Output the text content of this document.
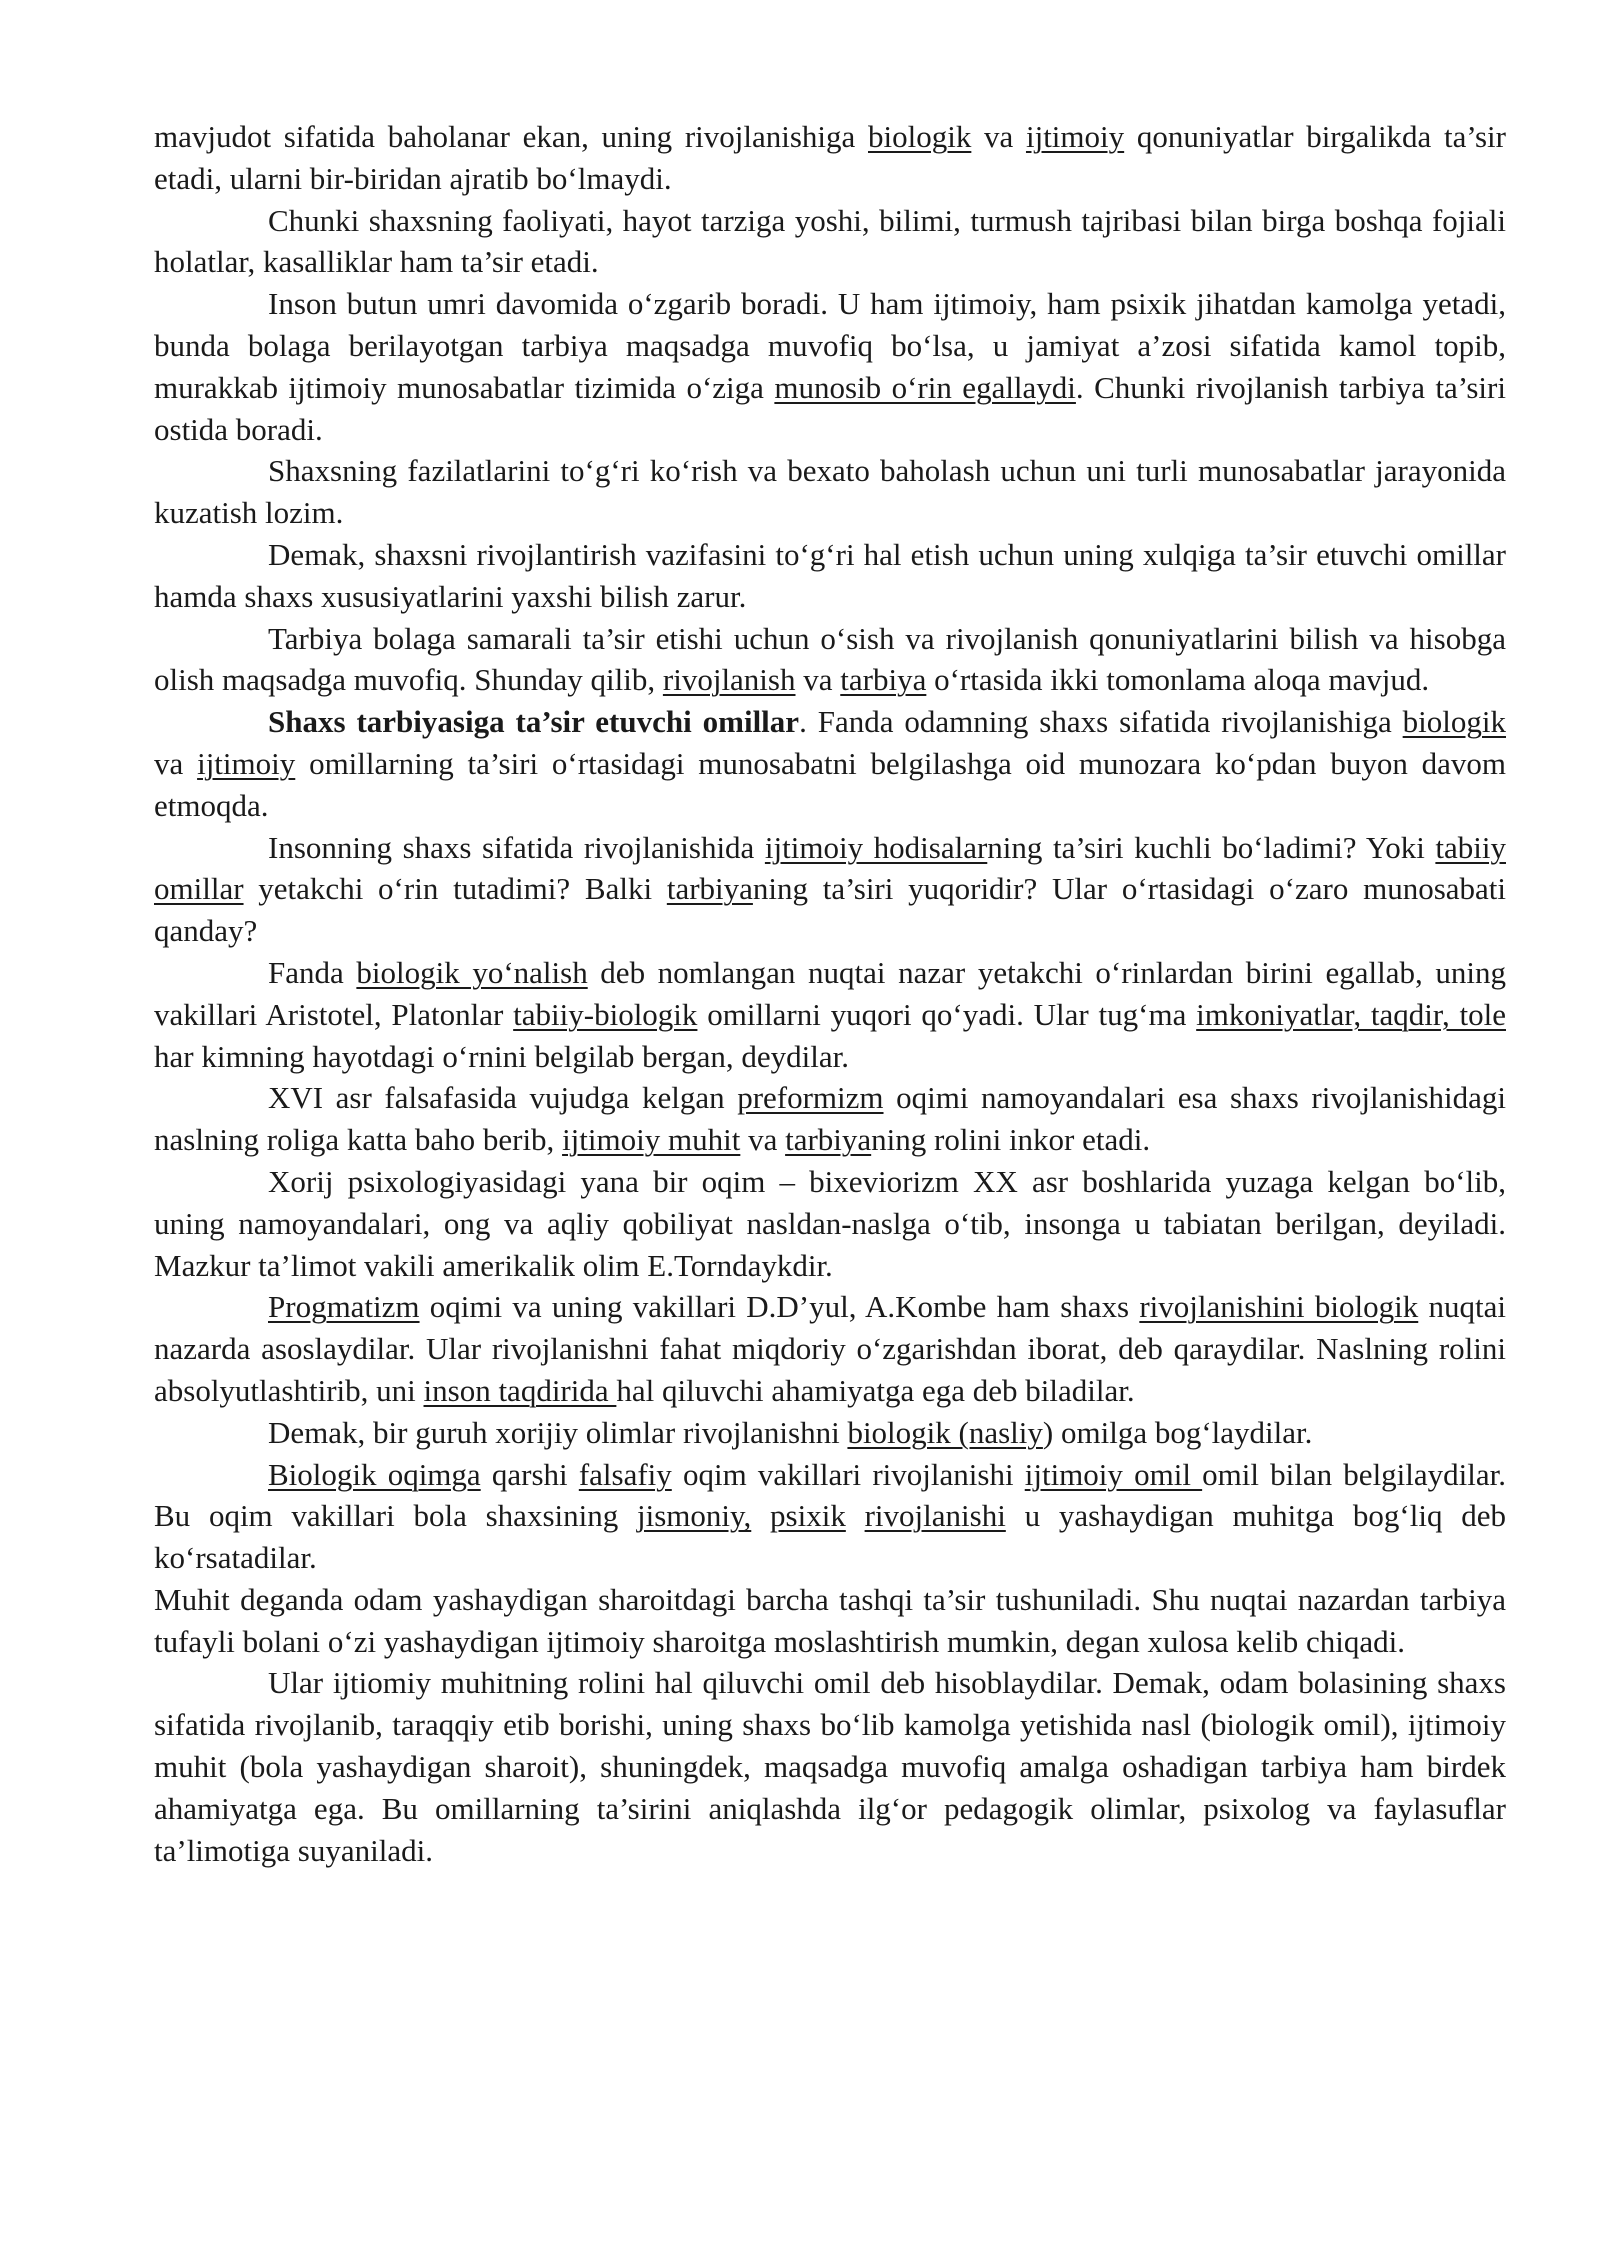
mavjudot sifatida baholanar ekan, uning rivojlanishiga biologik va ijtimoiy qonuniyatlar birgalikda ta’sir etadi, ularni bir-biridan ajratib bo‘lmaydi.

Chunki shaxsning faoliyati, hayot tarziga yoshi, bilimi, turmush tajribasi bilan birga boshqa fojiali holatlar, kasalliklar ham ta’sir etadi.

Inson butun umri davomida o‘zgarib boradi. U ham ijtimoiy, ham psixik jihatdan kamolga yetadi, bunda bolaga berilayotgan tarbiya maqsadga muvofiq bo‘lsa, u jamiyat a’zosi sifatida kamol topib, murakkab ijtimoiy munosabatlar tizimida o‘ziga munosib o‘rin egallaydi. Chunki rivojlanish tarbiya ta’siri ostida boradi.

Shaxsning fazilatlarini to‘g‘ri ko‘rish va bexato baholash uchun uni turli munosabatlar jarayonida kuzatish lozim.

Demak, shaxsni rivojlantirish vazifasini to‘g‘ri hal etish uchun uning xulqiga ta’sir etuvchi omillar hamda shaxs xususiyatlarini yaxshi bilish zarur.

Tarbiya bolaga samarali ta’sir etishi uchun o‘sish va rivojlanish qonuniyatlarini bilish va hisobga olish maqsadga muvofiq. Shunday qilib, rivojlanish va tarbiya o‘rtasida ikki tomonlama aloqa mavjud.

Shaxs tarbiyasiga ta’sir etuvchi omillar. Fanda odamning shaxs sifatida rivojlanishiga biologik va ijtimoiy omillarning ta’siri o‘rtasidagi munosabatni belgilashga oid munozara ko‘pdan buyon davom etmoqda.

Insonning shaxs sifatida rivojlanishida ijtimoiy hodisalarning ta’siri kuchli bo‘ladimi? Yoki tabiiy omillar yetakchi o‘rin tutadimi? Balki tarbiyaning ta’siri yuqoridir? Ular o‘rtasidagi o‘zaro munosabati qanday?

Fanda biologik yo‘nalish deb nomlangan nuqtai nazar yetakchi o‘rinlardan birini egallab, uning vakillari Aristotel, Platonlar tabiiy-biologik omillarni yuqori qo‘yadi. Ular tug‘ma imkoniyatlar, taqdir, tole har kimning hayotdagi o‘rnini belgilab bergan, deydilar.

XVI asr falsafasida vujudga kelgan preformizm oqimi namoyandalari esa shaxs rivojlanishidagi naslning roliga katta baho berib, ijtimoiy muhit va tarbiyaning rolini inkor etadi.

Xorij psixologiyasidagi yana bir oqim – bixeviorizm XX asr boshlarida yuzaga kelgan bo‘lib, uning namoyandalari, ong va aqliy qobiliyat nasldan-naslga o‘tib, insonga u tabiatan berilgan, deyiladi. Mazkur ta’limot vakili amerikalik olim E.Torndaykdir.

Progmatizm oqimi va uning vakillari D.D’yul, A.Kombe ham shaxs rivojlanishini biologik nuqtai nazarda asoslaydilar. Ular rivojlanishni fahat miqdoriy o‘zgarishdan iborat, deb qaraydilar. Naslning rolini absolyutlashtirib, uni inson taqdirida hal qiluvchi ahamiyatga ega deb biladilar.

Demak, bir guruh xorijiy olimlar rivojlanishni biologik (nasliy) omilga bog‘laydilar.

Biologik oqimga qarshi falsafiy oqim vakillari rivojlanishi ijtimoiy omil omil bilan belgilaydilar. Bu oqim vakillari bola shaxsining jismoniy, psixik rivojlanishi u yashaydigan muhitga bog‘liq deb ko‘rsatadilar.

Muhit deganda odam yashaydigan sharoitdagi barcha tashqi ta’sir tushuniladi. Shu nuqtai nazardan tarbiya tufayli bolani o‘zi yashaydigan ijtimoiy sharoitga moslashtirish mumkin, degan xulosa kelib chiqadi.

Ular ijtiomiy muhitning rolini hal qiluvchi omil deb hisoblaydilar. Demak, odam bolasining shaxs sifatida rivojlanib, taraqqiy etib borishi, uning shaxs bo‘lib kamolga yetishida nasl (biologik omil), ijtimoiy muhit (bola yashaydigan sharoit), shuningdek, maqsadga muvofiq amalga oshadigan tarbiya ham birdek ahamiyatga ega. Bu omillarning ta’sirini aniqlashda ilg‘or pedagogik olimlar, psixolog va faylasuflar ta’limotiga suyaniladi.
